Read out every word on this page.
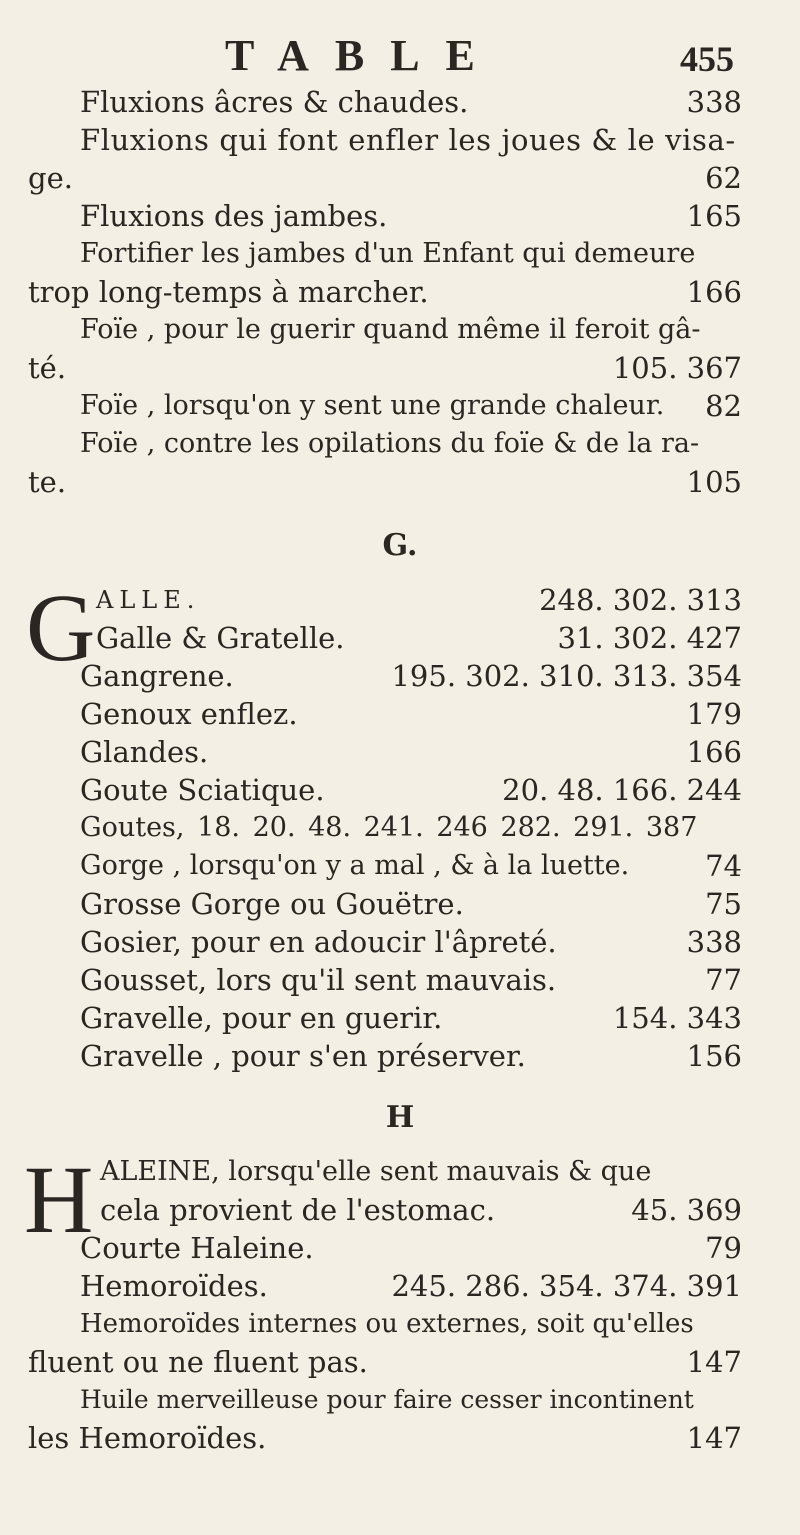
TABLE	455
Fluxions âcres & chaudes.	338
Fluxions qui font enfler les joues & le visa-
ge.	62
Fluxions des jambes.	165
Fortifier les jambes d'un Enfant qui demeure
trop long-temps à marcher.	166
Foïe , pour le guerir quand même il feroit gâ-
té.	105. 367
Foïe , lorsqu'on y sent une grande chaleur. 82
Foïe , contre les opilations du foïe & de la ra-
te.	105
G.
G ALLE.	248. 302. 313
Galle & Gratelle.	31. 302. 427
Gangrene.	195. 302. 310. 313. 354
Genoux enflez.	179
Glandes.	166
Goute Sciatique.	20. 48. 166. 244
Goutes, 18. 20. 48. 241. 246 282. 291. 387
Gorge , lorsqu'on y a mal , & à la luette.	74
Grosse Gorge ou Gouëtre.	75
Gosier, pour en adoucir l'âpreté.	338
Gousset, lors qu'il sent mauvais.	77
Gravelle, pour en guerir.	154. 343
Gravelle , pour s'en préserver.	156
H
H ALEINE, lorsqu'elle sent mauvais & que
cela provient de l'estomac.	45. 369
Courte Haleine.	79
Hemoroïdes.	245. 286. 354. 374. 391
Hemoroïdes internes ou externes, soit qu'elles
fluent ou ne fluent pas.	147
Huile merveilleuse pour faire cesser incontinent
les Hemoroïdes.	147
